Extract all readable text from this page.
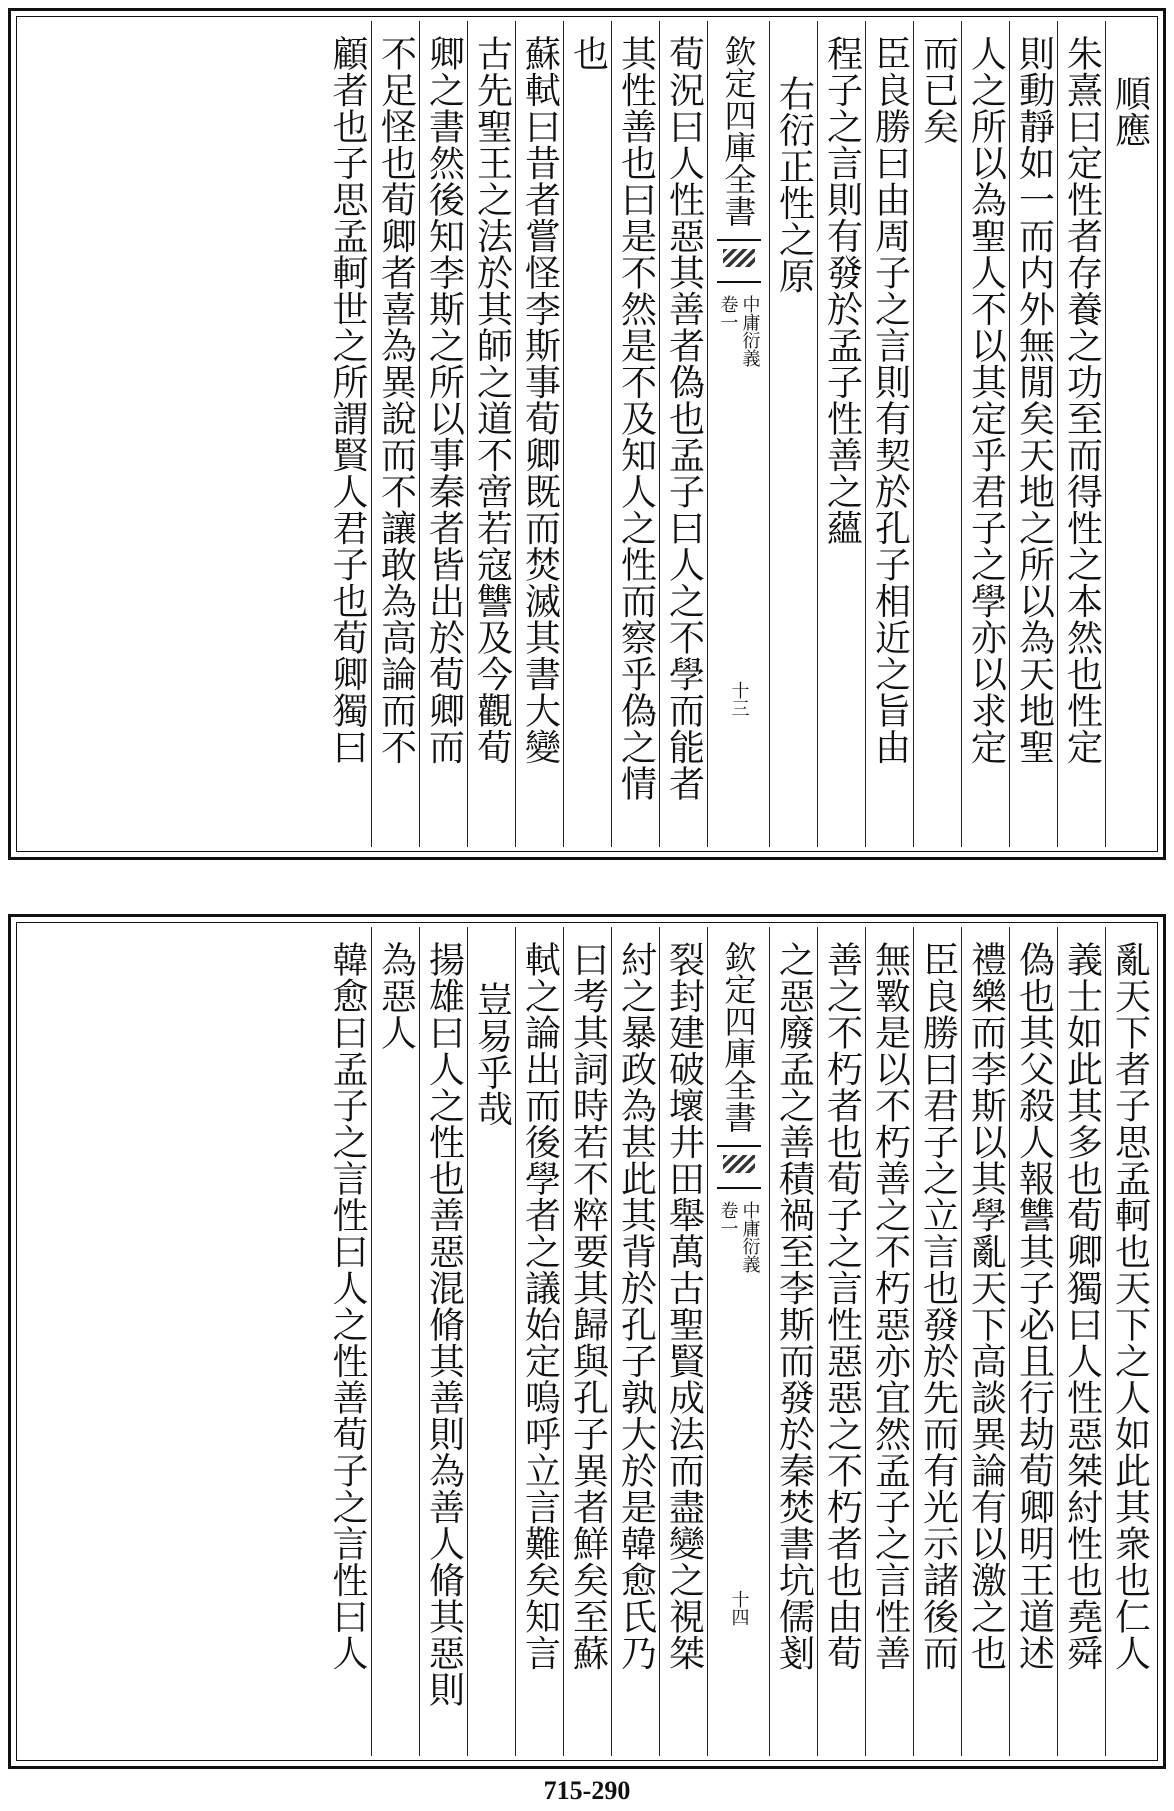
順應
朱熹曰定性者存養之功至而得性之本然也性定
則動靜如一而内外無閒矣天地之所以為天地聖
人之所以為聖人不以其定乎君子之學亦以求定
而已矣
臣良勝曰由周子之言則有契於孔子相近之旨由
程子之言則有發於孟子性善之蘊
右衍正性之原
欽定四庫全書
中庸衍義
卷一
十三
荀況曰人性惡其善者偽也孟子曰人之不學而能者
其性善也曰是不然是不及知人之性而察乎偽之情
也
蘇軾曰昔者嘗怪李斯事荀卿既而焚滅其書大變
古先聖王之法於其師之道不啻若寇讐及今觀荀
卿之書然後知李斯之所以事秦者皆出於荀卿而
不足怪也荀卿者喜為異說而不讓敢為高論而不
顧者也子思孟軻世之所謂賢人君子也荀卿獨曰
亂天下者子思孟軻也天下之人如此其衆也仁人
義士如此其多也荀卿獨曰人性惡桀紂性也堯舜
偽也其父殺人報讐其子必且行劫荀卿明王道述
禮樂而李斯以其學亂天下高談異論有以激之也
臣良勝曰君子之立言也發於先而有光示諸後而
無斁是以不朽善之不朽惡亦宜然孟子之言性善
善之不朽者也荀子之言性惡惡之不朽者也由荀
之惡廢孟之善積禍至李斯而發於秦焚書坑儒剗
欽定四庫全書
中庸衍義
卷一
十四
裂封建破壞井田舉萬古聖賢成法而盡變之視桀
紂之暴政為甚此其背於孔子孰大於是韓愈氏乃
曰考其詞時若不粹要其歸與孔子異者鮮矣至蘇
軾之論出而後學者之議始定嗚呼立言難矣知言
豈易乎哉
揚雄曰人之性也善惡混脩其善則為善人脩其惡則
為惡人
韓愈曰孟子之言性曰人之性善荀子之言性曰人
715-290
